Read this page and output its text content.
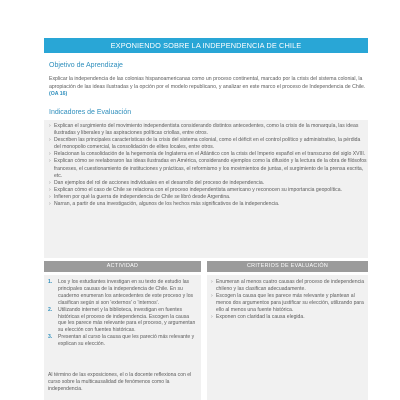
EXPONIENDO SOBRE LA INDEPENDENCIA DE CHILE
Objetivo de Aprendizaje
Explicar la independencia de las colonias hispanoamericanas como un proceso continental, marcado por la crisis del sistema colonial, la apropiación de las ideas ilustradas y la opción por el modelo republicano, y analizar en este marco el proceso de Independencia de Chile. (OA 16)
Indicadores de Evaluación
› Explican el surgimiento del movimiento independentista considerando distintos antecedentes, como la crisis de la monarquía, las ideas ilustradas y liberales y las aspiraciones políticas criollas, entre otros.
› Describen las principales características de la crisis del sistema colonial, como el déficit en el control político y administrativo, la pérdida del monopolio comercial, la consolidación de elites locales, entre otros.
› Relacionan la consolidación de la hegemonía de Inglaterra en el Atlántico con la crisis del Imperio español en el transcurso del siglo XVIII.
› Explican cómo se reelaboraron las ideas ilustradas en América, considerando ejemplos como la difusión y la lectura de la obra de filósofos franceses, el cuestionamiento de instituciones y prácticas, el reformismo y los movimientos de juntas, el surgimiento de la prensa escrita, etc.
› Dan ejemplos del rol de acciones individuales en el desarrollo del proceso de independencia.
› Explican cómo el caso de Chile se relaciona con el proceso independentista americano y reconocen su importancia geopolítica.
› Infieren por qué la guerra de independencia de Chile se libró desde Argentina.
› Narran, a partir de una investigación, algunos de los hechos más significativos de la independencia.
ACTIVIDAD	CRITERIOS DE EVALUACIÓN
1. Los y los estudiantes investigan en su texto de estudio las principales causas de la independencia de Chile. En su cuaderno enumeran los antecedentes de este proceso y los clasifican según si son 'externos' o 'internos'.
2. Utilizando internet y la biblioteca, investigan en fuentes históricas el proceso de independencia. Escogen la causa que les parece más relevante para el proceso, y argumentan su elección con fuentes históricas.
3. Presentan al curso la causa que les pareció más relevante y explican su elección.
Al término de las exposiciones, el o la docente reflexiona con el curso sobre la multicausalidad de fenómenos como la independencia.
› Enumeran al menos cuatro causas del proceso de independencia chileno y las clasifican adecuadamente.
› Escogen la causa que les parece más relevante y plantean al menos dos argumentos para justificar su elección, utilizando para ello al menos una fuente histórica.
› Exponen con claridad la causa elegida.
